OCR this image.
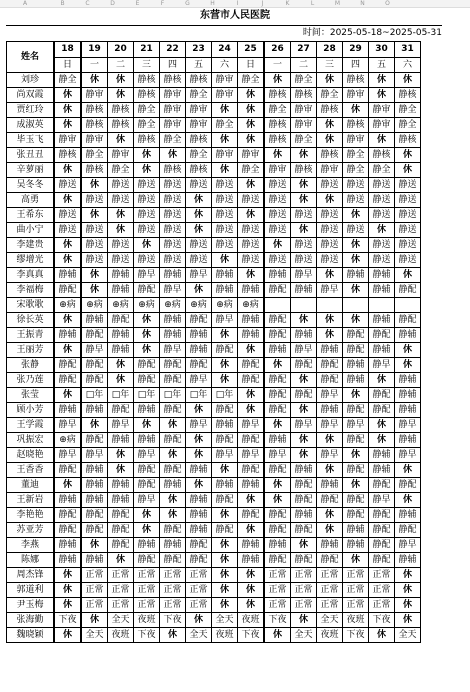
A	B	C	D	E	F	G	H	I	J	K	L	M	N	O
东营市人民医院
时间：2025-05-18~2025-05-31
姓名	18	19	20	21	22	23	24	25	26	27	28	29	30	31
	日	一	二	三	四	五	六	日	一	二	三	四	五	六
刘珍	静全	休	休	静核	静核	静核	静审	静全	休	静全	休	静核	休	休
尚双霞	休	静审	休	静核	静审	静全	静审	休	静核	静核	静全	静审	休	静核
贾红玲	休	静核	静核	静全	静审	静审	休	休	静全	静审	静核	休	静审	静全
成淑英	休	静核	静核	静全	静审	静审	静全	休	静核	静审	休	静核	静审	静全
毕玉飞	静审	静审	休	静核	静全	静核	休	休	静核	静全	休	静审	休	静核
张丑丑	静核	静全	静审	休	休	静全	静审	静审	休	休	静核	静全	静核	休
辛萝丽	休	静核	静全	休	静核	静核	休	静全	静审	静核	静审	静全	静全	休
吴冬冬	静送	休	静送	静送	静送	静送	静送	休	静送	休	静送	静送	静送	静送
高勇	休	静送	静送	静送	静送	休	静送	静送	静送	休	休	静送	静送	静送
王希东	静送	休	休	静送	静送	休	静送	休	静送	静送	静送	休	静送	静送
曲小宁	静送	静送	休	静送	静送	休	静送	静送	静送	休	静送	静送	休	静送
李建贵	休	静送	静送	休	静送	静送	静送	静送	休	静送	静送	休	静送	静送
缪增光	休	静送	静送	静送	静送	静送	休	静送	静送	静送	静送	休	静送	静送
李真真	静辅	休	静辅	静早	静辅	静早	静辅	休	静辅	静早	休	静辅	静辅	休
李福梅	静配	休	静辅	静配	静早	休	静辅	静辅	静配	静辅	静早	休	静辅	静配
宋歌歌	⊕病	⊕病	⊕病	⊕病	⊕病	⊕病	⊕病	⊕病						
徐长英	休	静辅	静配	休	静辅	静配	静早	静辅	静配	休	休	休	静辅	静配
王振青	静辅	静配	静辅	休	静辅	静辅	休	静辅	静配	静辅	休	静配	静配	静辅
王丽芳	休	静早	静辅	休	静早	静辅	静配	休	静辅	静早	静辅	静配	静辅	休
张静	静配	静配	休	静配	静配	静配	休	静配	休	静配	静配	静辅	静早	休
张乃莲	静配	静配	休	静配	静配	静早	休	静配	静配	休	静配	静辅	休	静辅
张莹	休	□年	□年	□年	□年	□年	□年	休	静配	静配	静早	休	静配	静辅
顾小芳	静辅	静辅	静配	静辅	静配	休	静配	休	静配	休	静辅	静配	静配	静辅
王学霞	静早	休	静早	休	休	静早	静辅	静早	休	静早	静早	静早	休	静早
巩振宏	⊕病	静配	静辅	静辅	静配	休	静配	静配	静辅	休	休	静配	休	静辅
赵晓艳	静早	静早	休	静早	休	休	静早	静早	静早	休	静早	休	静辅	静早
王香香	静配	静辅	休	静配	静配	静辅	休	静配	静配	静辅	休	静配	静辅	休
董迪	休	静辅	静辅	静配	静辅	休	静辅	静辅	休	静配	静辅	休	静配	静配
王新岩	静辅	静辅	静辅	静早	休	静辅	静配	休	休	静配	静配	静配	静早	休
李艳艳	静配	静配	静配	休	休	静辅	休	静配	静配	静辅	休	静配	静配	静辅
苏亚芳	静配	静配	静配	休	静配	静辅	静配	休	静配	静配	休	静辅	静配	静配
李燕	静辅	休	静配	静辅	静辅	静配	休	静辅	静辅	休	静辅	静辅	静配	静早
陈娜	静辅	静辅	休	静配	静配	静配	休	静辅	静配	静配	静配	休	静配	静辅
周杰锋	休	正常	正常	正常	正常	正常	休	休	正常	正常	正常	正常	正常	休
郭道利	休	正常	正常	正常	正常	正常	休	休	正常	正常	正常	正常	正常	休
尹玉梅	休	正常	正常	正常	正常	正常	休	休	正常	正常	正常	正常	正常	休
张海勤	下夜	休	全天	夜班	下夜	休	全天	夜班	下夜	休	全天	夜班	下夜	休
魏晓颖	休	全天	夜班	下夜	休	全天	夜班	下夜	休	全天	夜班	下夜	休	全天
